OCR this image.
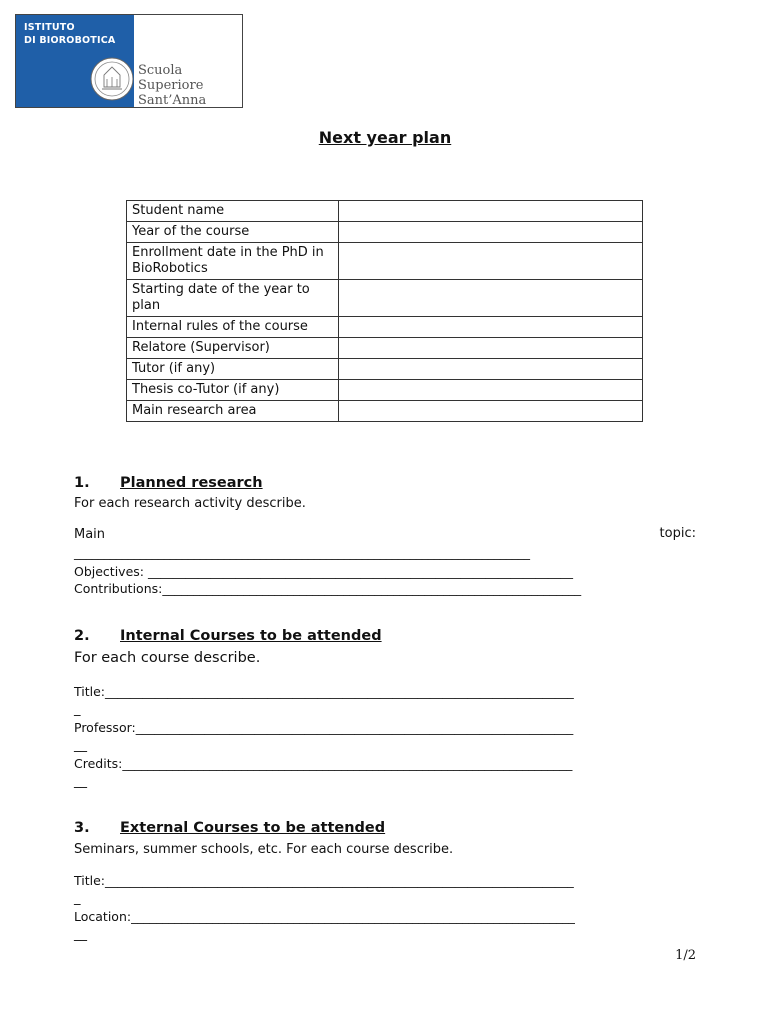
ISTITUTO
DI BIOROBOTICA
Scuola Superiore
Sant’Anna
Next year plan
Student name	
Year of the course	
Enrollment date in the PhD in BioRobotics	
Starting date of the year to plan	
Internal rules of the course	
Relatore (Supervisor)	
Tutor (if any)	
Thesis co-Tutor (if any)	
Main research area	
1. Planned research
For each research activity describe.
Main	topic:
____________________________________________________________________________
Objectives: ____________________________________________________________________
Contributions:___________________________________________________________________
2. Internal Courses to be attended
For each course describe.
Title:___________________________________________________________________________
_
Professor:______________________________________________________________________
__
Credits:________________________________________________________________________
__
3. External Courses to be attended
Seminars, summer schools, etc. For each course describe.
Title:___________________________________________________________________________
_
Location:_______________________________________________________________________
__
1/2
